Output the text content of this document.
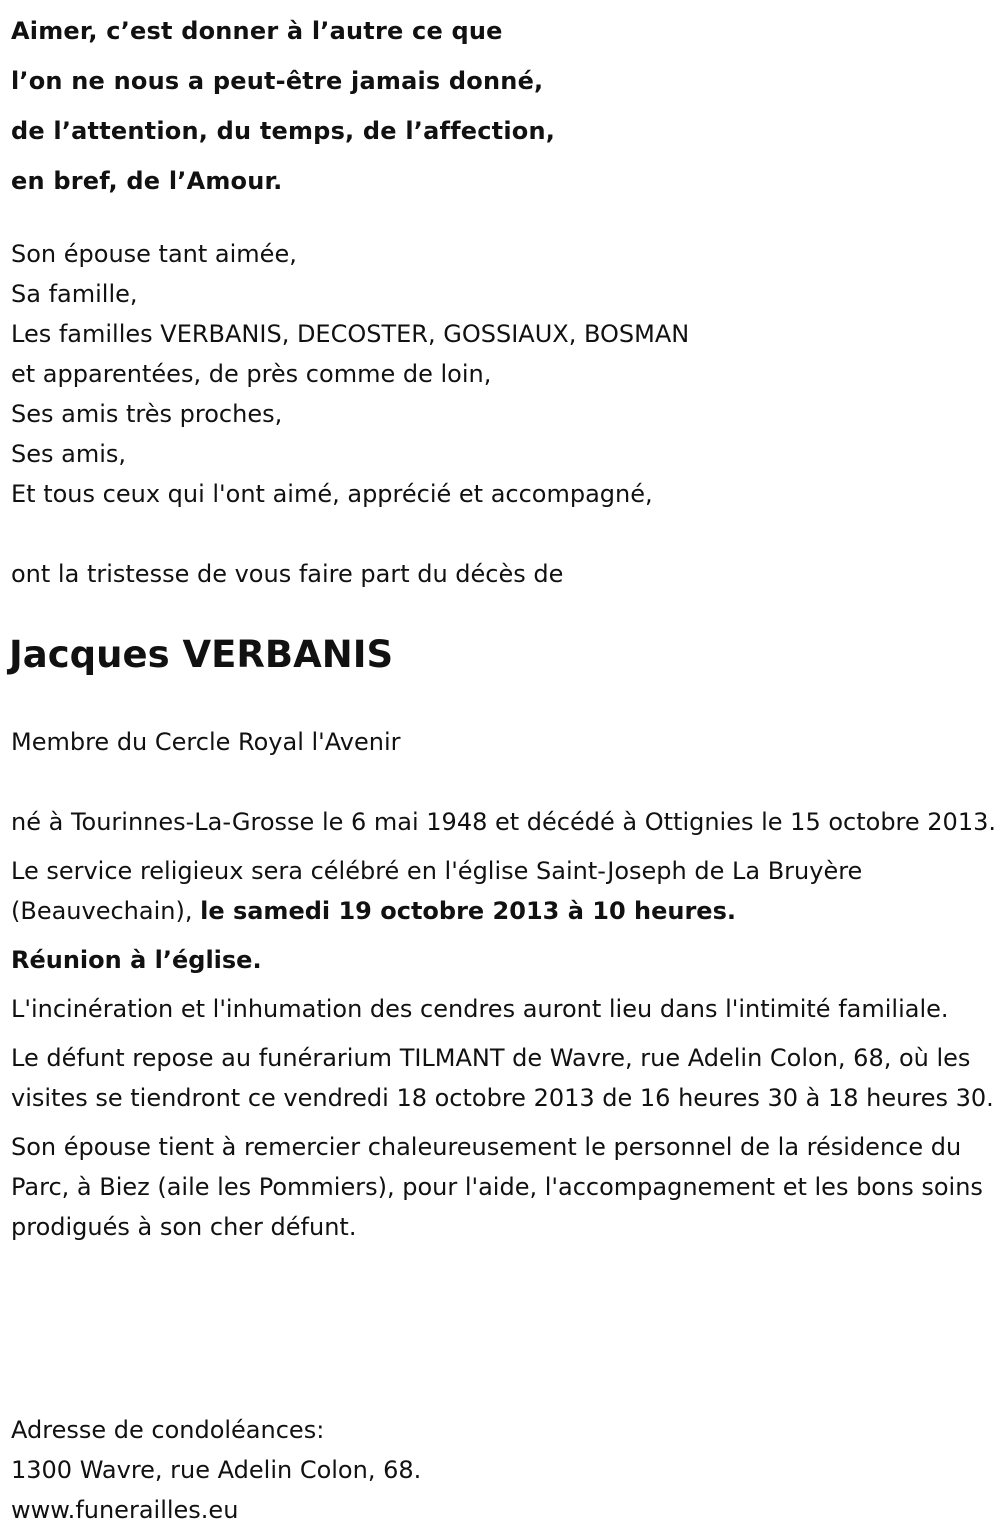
Aimer, c’est donner à l’autre ce que
l’on ne nous a peut-être jamais donné,
de l’attention, du temps, de l’affection,
en bref, de l’Amour.
Son épouse tant aimée,
Sa famille,
Les familles VERBANIS, DECOSTER, GOSSIAUX, BOSMAN
et apparentées, de près comme de loin,
Ses amis très proches,
Ses amis,
Et tous ceux qui l'ont aimé, apprécié et accompagné,
ont la tristesse de vous faire part du décès de
Jacques VERBANIS
Membre du Cercle Royal l'Avenir

né à Tourinnes-La-Grosse le 6 mai 1948 et décédé à Ottignies le 15 octobre 2013.

Le service religieux sera célébré en l'église Saint-Joseph de La Bruyère (Beauvechain), le samedi 19 octobre 2013 à 10 heures.

Réunion à l’église.

L'incinération et l'inhumation des cendres auront lieu dans l'intimité familiale.

Le défunt repose au funérarium TILMANT de Wavre, rue Adelin Colon, 68, où les visites se tiendront ce vendredi 18 octobre 2013 de 16 heures 30 à 18 heures 30.

Son épouse tient à remercier chaleureusement le personnel de la résidence du Parc, à Biez (aile les Pommiers), pour l'aide, l'accompagnement et les bons soins prodigués à son cher défunt.

Adresse de condoléances:
1300 Wavre, rue Adelin Colon, 68.
www.funerailles.eu
